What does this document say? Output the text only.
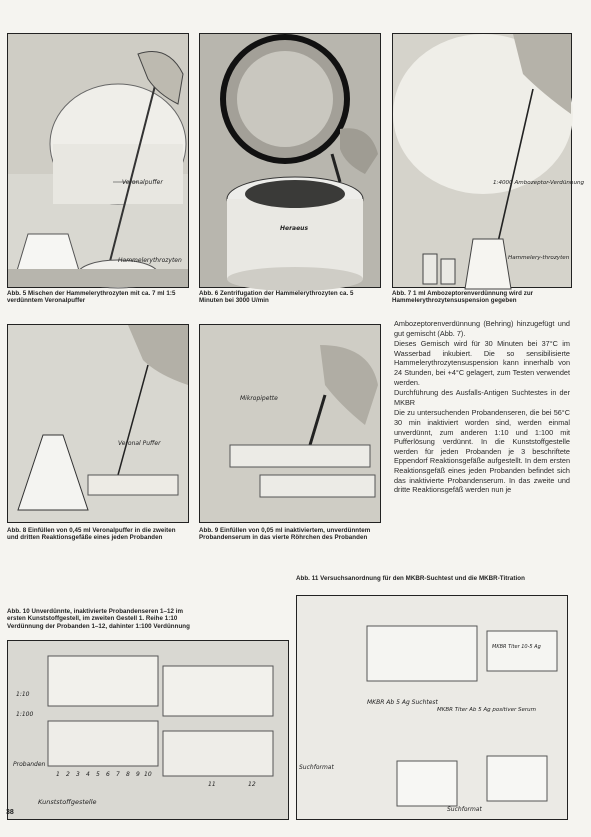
Veronalpuffer
Hammelerythrozyten
Abb. 5 Mischen der Hammelerythrozyten mit ca. 7 ml 1:5 verdünntem Veronalpuffer
Heraeus
Abb. 6 Zentrifugation der Hammelerythrozyten ca. 5 Minuten bei 3000 U/min
1:4000 Ambozeptor-Verdünnung
Hammelery-throzyten
Abb. 7 1 ml Ambozeptorenverdünnung wird zur Hammelerythrozytensuspension gegeben
Veronal Puffer
Abb. 8 Einfüllen von 0,45 ml Veronalpuffer in die zweiten und dritten Reaktionsgefäße eines jeden Probanden
Mikropipette
Abb. 9 Einfüllen von 0,05 ml inaktiviertem, unverdünntem Probandenserum in das vierte Röhrchen des Probanden

Ambozeptorenverdünnung (Behring) hinzugefügt und gut gemischt (Abb. 7).

Dieses Gemisch wird für 30 Minuten bei 37°C im Wasserbad inkubiert. Die so sensibilisierte Hammelerythrozytensuspension kann innerhalb von 24 Stunden, bei +4°C gelagert, zum Testen verwendet werden.

Durchführung des Ausfalls-Antigen Suchtestes in der MKBR

Die zu untersuchenden Probandenseren, die bei 56°C 30 min inaktiviert worden sind, werden einmal unverdünnt, zum anderen 1:10 und 1:100 mit Pufferlösung verdünnt. In die Kunststoffgestelle werden für jeden Probanden je 3 beschriftete Eppendorf Reaktionsgefäße aufgestellt. In dem ersten Reaktionsgefäß eines jeden Probanden befindet sich das inaktivierte Probandenserum. In das zweite und dritte Reaktionsgefäß werden nun je

Abb. 10 Unverdünnte, inaktivierte Probandenseren 1–12 im ersten Kunststoffgestell, im zweiten Gestell 1. Reihe 1:10 Verdünnung der Probanden 1–12, dahinter 1:100 Verdünnung
1 2 3 4 5 6 7 8 9 10
11	12
1:10
1:100
Probanden
Kunststoffgestelle
Abb. 11 Versuchsanordnung für den MKBR-Suchtest und die MKBR-Titration
MKBR Titer 10-5 Ag
MKBR Ab 5 Ag Suchtest
MKBR Titer Ab 5 Ag positiver Serum
Suchformat
Suchformat
38
